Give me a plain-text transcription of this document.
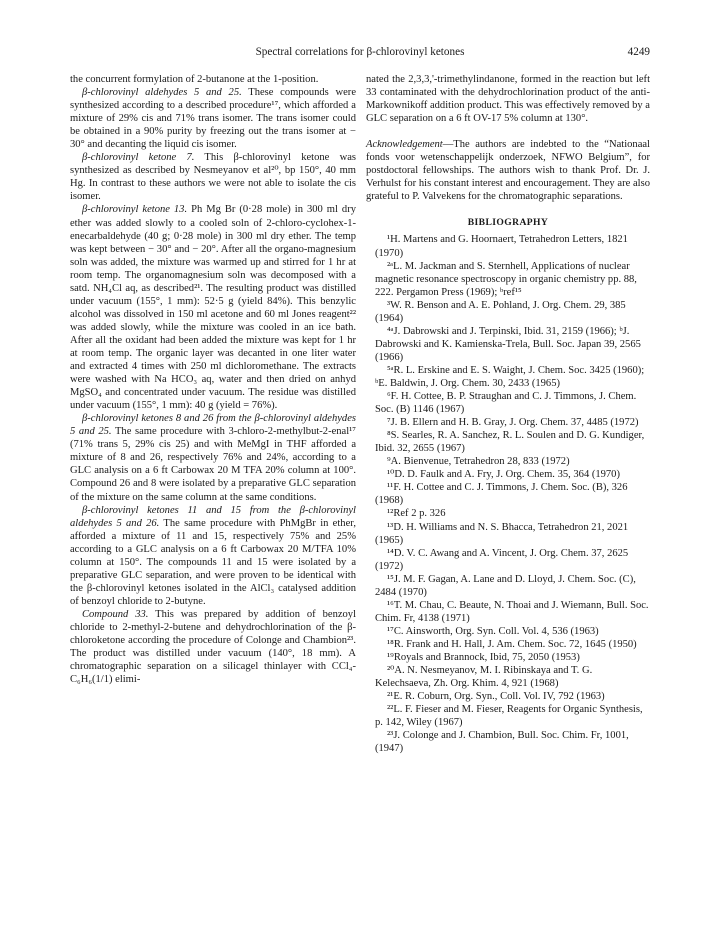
Spectral correlations for β-chlorovinyl ketones	4249

the concurrent formylation of 2-butanone at the 1-position.

β-chlorovinyl aldehydes 5 and 25. These compounds were synthesized according to a described procedure¹⁷, which afforded a mixture of 29% cis and 71% trans isomer. The trans isomer could be obtained in a 90% purity by freezing out the trans isomer at − 30° and decanting the liquid cis isomer.

β-chlorovinyl ketone 7. This β-chlorovinyl ketone was synthesized as described by Nesmeyanov et al²⁰, bp 150°, 40 mm Hg. In contrast to these authors we were not able to isolate the cis isomer.

β-chlorovinyl ketone 13. Ph Mg Br (0·28 mole) in 300 ml dry ether was added slowly to a cooled soln of 2-chloro-cyclohex-1-enecarbaldehyde (40 g; 0·28 mole) in 300 ml dry ether. The temp was kept between − 30° and − 20°. After all the organo-magnesium soln was added, the mixture was warmed up and stirred for 1 hr at room temp. The organomagnesium soln was decomposed with a satd. NH₄Cl aq, as described²¹. The resulting product was distilled under vacuum (155°, 1 mm): 52·5 g (yield 84%). This benzylic alcohol was dissolved in 150 ml acetone and 60 ml Jones reagent²² was added slowly, while the mixture was cooled in an ice bath. After all the oxidant had been added the mixture was kept for 1 hr at room temp. The organic layer was decanted in one liter water and extracted 4 times with 250 ml dichloromethane. The extracts were washed with Na HCO₃ aq, water and then dried on anhyd MgSO₄ and concentrated under vacuum. The residue was distilled under vacuum (155°, 1 mm): 40 g (yield = 76%).

β-chlorovinyl ketones 8 and 26 from the β-chlorovinyl aldehydes 5 and 25. The same procedure with 3-chloro-2-methylbut-2-enal¹⁷ (71% trans 5, 29% cis 25) and with MeMgI in THF afforded a mixture of 8 and 26, respectively 76% and 24%, according to a GLC analysis on a 6 ft Carbowax 20 M TFA 20% column at 100°. Compound 26 and 8 were isolated by a preparative GLC separation of the mixture on the same column at the same conditions.

β-chlorovinyl ketones 11 and 15 from the β-chlorovinyl aldehydes 5 and 26. The same procedure with PhMgBr in ether, afforded a mixture of 11 and 15, respectively 75% and 25% according to a GLC analysis on a 6 ft Carbowax 20 M/TFA 10% column at 150°. The compounds 11 and 15 were isolated by a preparative GLC separation, and were proven to be identical with the β-chlorovinyl ketones isolated in the AlCl₃ catalysed addition of benzoyl chloride to 2-butyne.

Compound 33. This was prepared by addition of benzoyl chloride to 2-methyl-2-butene and dehydrochlorination of the β-chloroketone according the procedure of Colonge and Chambion²³. The product was distilled under vacuum (140°, 18 mm). A chromatographic separation on a silicagel thinlayer with CCl₄-C₆H₆(1/1) elimi-

nated the 2,3,3,'-trimethylindanone, formed in the reaction but left 33 contaminated with the dehydrochlorination product of the anti-Markownikoff addition product. This was effectively removed by a GLC separation on a 6 ft OV-17 5% column at 130°.

Acknowledgement—The authors are indebted to the “Nationaal fonds voor wetenschappelijk onderzoek, NFWO Belgium”, for postdoctoral fellowships. The authors wish to thank Prof. Dr. J. Verhulst for his constant interest and encouragement. They are also grateful to P. Valvekens for the chromatographic separations.

BIBLIOGRAPHY

¹H. Martens and G. Hoornaert, Tetrahedron Letters, 1821 (1970)

²ᵃL. M. Jackman and S. Sternhell, Applications of nuclear magnetic resonance spectroscopy in organic chemistry pp. 88, 222. Pergamon Press (1969); ᵇref¹⁵

³W. R. Benson and A. E. Pohland, J. Org. Chem. 29, 385 (1964)

⁴ᵃJ. Dabrowski and J. Terpinski, Ibid. 31, 2159 (1966); ᵇJ. Dabrowski and K. Kamienska-Trela, Bull. Soc. Japan 39, 2565 (1966)

⁵ᵃR. L. Erskine and E. S. Waight, J. Chem. Soc. 3425 (1960); ᵇE. Baldwin, J. Org. Chem. 30, 2433 (1965)

⁶F. H. Cottee, B. P. Straughan and C. J. Timmons, J. Chem. Soc. (B) 1146 (1967)

⁷J. B. Ellern and H. B. Gray, J. Org. Chem. 37, 4485 (1972)

⁸S. Searles, R. A. Sanchez, R. L. Soulen and D. G. Kundiger, Ibid. 32, 2655 (1967)

⁹A. Bienvenue, Tetrahedron 28, 833 (1972)

¹⁰D. D. Faulk and A. Fry, J. Org. Chem. 35, 364 (1970)

¹¹F. H. Cottee and C. J. Timmons, J. Chem. Soc. (B), 326 (1968)

¹²Ref 2 p. 326

¹³D. H. Williams and N. S. Bhacca, Tetrahedron 21, 2021 (1965)

¹⁴D. V. C. Awang and A. Vincent, J. Org. Chem. 37, 2625 (1972)

¹⁵J. M. F. Gagan, A. Lane and D. Lloyd, J. Chem. Soc. (C), 2484 (1970)

¹⁶T. M. Chau, C. Beaute, N. Thoai and J. Wiemann, Bull. Soc. Chim. Fr, 4138 (1971)

¹⁷C. Ainsworth, Org. Syn. Coll. Vol. 4, 536 (1963)

¹⁸R. Frank and H. Hall, J. Am. Chem. Soc. 72, 1645 (1950)

¹⁹Royals and Brannock, Ibid, 75, 2050 (1953)

²⁰A. N. Nesmeyanov, M. I. Ribinskaya and T. G. Kelechsaeva, Zh. Org. Khim. 4, 921 (1968)

²¹E. R. Coburn, Org. Syn., Coll. Vol. IV, 792 (1963)

²²L. F. Fieser and M. Fieser, Reagents for Organic Synthesis, p. 142, Wiley (1967)

²³J. Colonge and J. Chambion, Bull. Soc. Chim. Fr, 1001, (1947)
